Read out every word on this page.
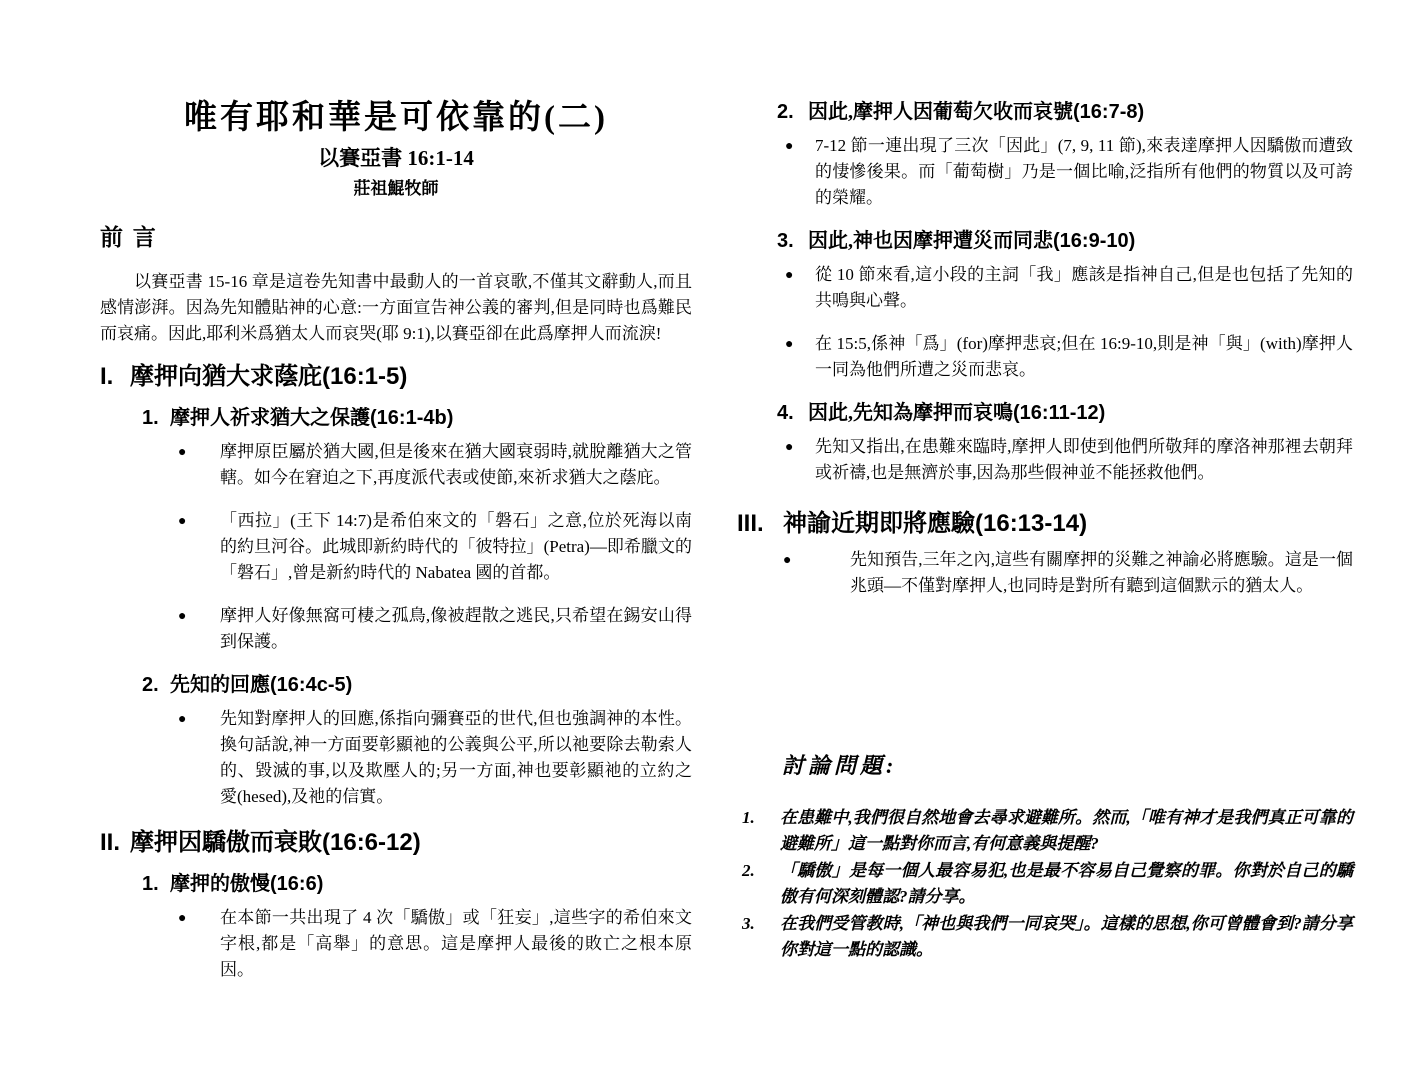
唯有耶和華是可依靠的(二)
以賽亞書 16:1-14
莊祖鯤牧師
前 言

以賽亞書 15-16 章是這卷先知書中最動人的一首哀歌,不僅其文辭動人,而且感情澎湃。因為先知體貼神的心意:一方面宣告神公義的審判,但是同時也爲難民而哀痛。因此,耶利米爲猶太人而哀哭(耶 9:1),以賽亞卻在此爲摩押人而流淚!

I. 摩押向猶大求蔭庇(16:1-5)
1. 摩押人祈求猶大之保護(16:1-4b)
● 摩押原臣屬於猶大國,但是後來在猶大國衰弱時,就脫離猶大之管轄。如今在窘迫之下,再度派代表或使節,來祈求猶大之蔭庇。
● 「西拉」(王下 14:7)是希伯來文的「磐石」之意,位於死海以南的約旦河谷。此城即新約時代的「彼特拉」(Petra)—即希臘文的「磐石」,曾是新約時代的 Nabatea 國的首都。
● 摩押人好像無窩可棲之孤鳥,像被趕散之逃民,只希望在錫安山得到保護。
2. 先知的回應(16:4c-5)
● 先知對摩押人的回應,係指向彌賽亞的世代,但也強調神的本性。換句話說,神一方面要彰顯祂的公義與公平,所以祂要除去勒索人的、毀滅的事,以及欺壓人的;另一方面,神也要彰顯祂的立約之愛(hesed),及祂的信實。
II. 摩押因驕傲而衰敗(16:6-12)
1. 摩押的傲慢(16:6)
● 在本節一共出現了 4 次「驕傲」或「狂妄」,這些字的希伯來文字根,都是「高舉」的意思。這是摩押人最後的敗亡之根本原因。
2. 因此,摩押人因葡萄欠收而哀號(16:7-8)
● 7-12 節一連出現了三次「因此」(7, 9, 11 節),來表達摩押人因驕傲而遭致的悽慘後果。而「葡萄樹」乃是一個比喻,泛指所有他們的物質以及可誇的榮耀。
3. 因此,神也因摩押遭災而同悲(16:9-10)
● 從 10 節來看,這小段的主詞「我」應該是指神自己,但是也包括了先知的共鳴與心聲。
● 在 15:5,係神「爲」(for)摩押悲哀;但在 16:9-10,則是神「與」(with)摩押人一同為他們所遭之災而悲哀。
4. 因此,先知為摩押而哀鳴(16:11-12)
● 先知又指出,在患難來臨時,摩押人即使到他們所敬拜的摩洛神那裡去朝拜或祈禱,也是無濟於事,因為那些假神並不能拯救他們。
III. 神諭近期即將應驗(16:13-14)
●	先知預告,三年之內,這些有關摩押的災難之神諭必將應驗。這是一個兆頭—不僅對摩押人,也同時是對所有聽到這個默示的猶太人。
討論問題:
1. 在患難中,我們很自然地會去尋求避難所。然而,「唯有神才是我們真正可靠的避難所」這一點對你而言,有何意義與提醒?
2. 「驕傲」是每一個人最容易犯,也是最不容易自己覺察的罪。你對於自己的驕傲有何深刻體認?請分享。
3. 在我們受管教時,「神也與我們一同哀哭」。這樣的思想,你可曾體會到?請分享你對這一點的認識。
